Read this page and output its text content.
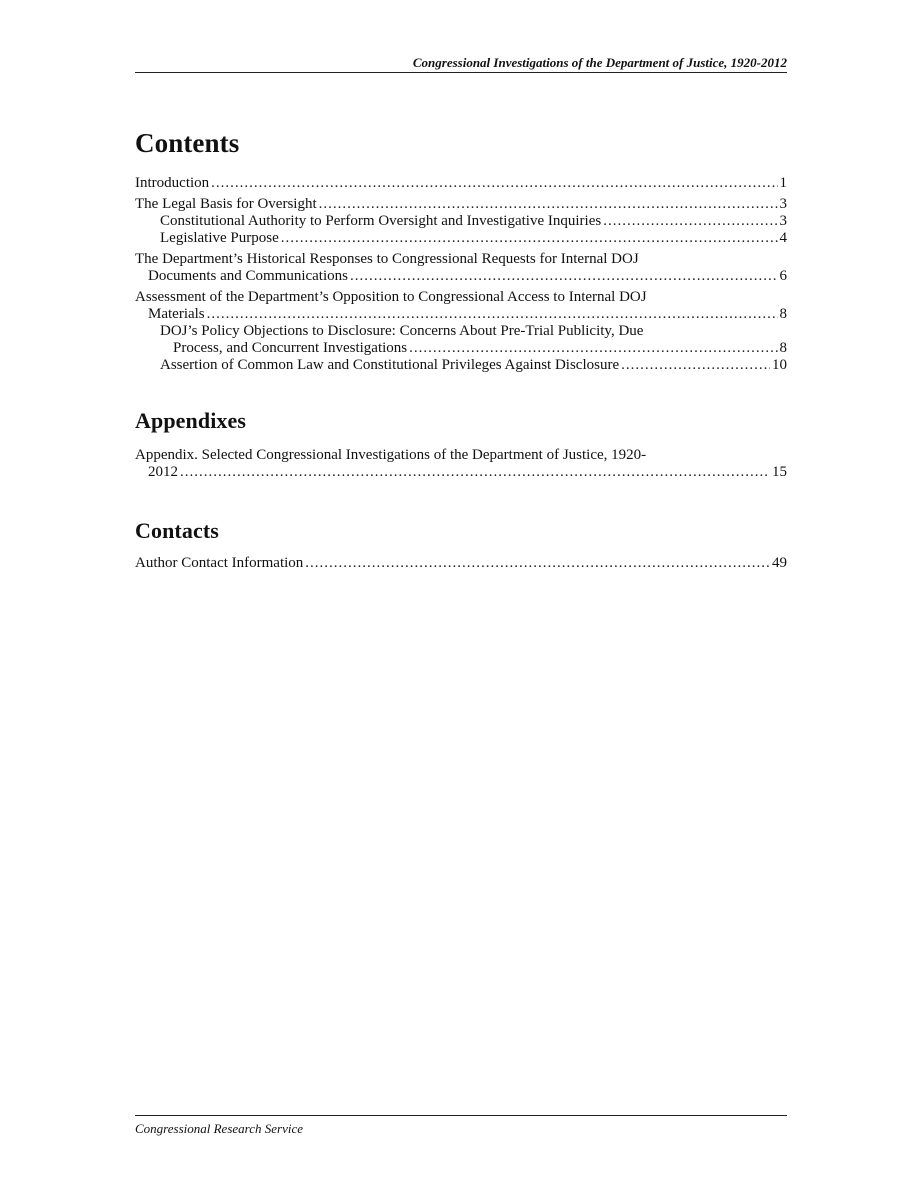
Congressional Investigations of the Department of Justice, 1920-2012
Contents
Introduction .....	1
The Legal Basis for Oversight .....	3
Constitutional Authority to Perform Oversight and Investigative Inquiries .....	3
Legislative Purpose .....	4
The Department’s Historical Responses to Congressional Requests for Internal DOJ
Documents and Communications .....	6
Assessment of the Department’s Opposition to Congressional Access to Internal DOJ
Materials .....	8
DOJ’s Policy Objections to Disclosure: Concerns About Pre-Trial Publicity, Due
Process, and Concurrent Investigations .....	8
Assertion of Common Law and Constitutional Privileges Against Disclosure .....	10
Appendixes
Appendix. Selected Congressional Investigations of the Department of Justice, 1920-
2012 .....	15
Contacts
Author Contact Information .....	49
Congressional Research Service
